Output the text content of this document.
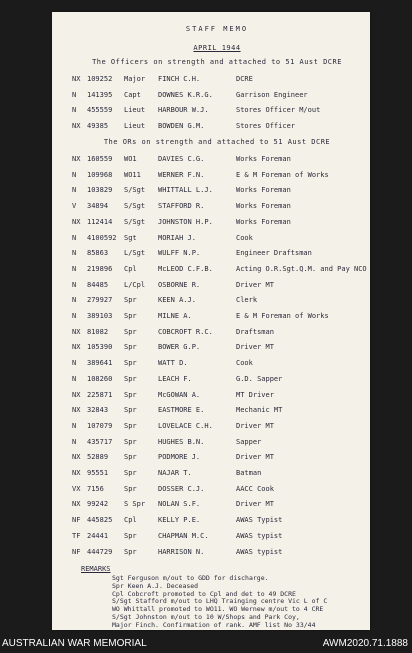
STAFF MEMO
APRIL 1944
The Officers on strength and attached to 51 Aust DCRE
NX 109252 Major FINCH C.H.	DCRE
N 141395 Capt DOWNES K.R.G.	Garrison Engineer
N 455559 Lieut HARBOUR W.J.	Stores Officer M/out
NX 49385 Lieut BOWDEN G.M.	Stores Officer
The ORs on strength and attached to 51 Aust DCRE
NX 160559 WO1	DAVIES C.G.	Works Foreman
N 109968 WO11 WERNER F.N.	E & M Foreman of Works
N 103829 S/Sgt WHITTALL L.J.	Works Foreman
V 34894 S/Sgt STAFFORD R.	Works Foreman
NX 112414 S/Sgt JOHNSTON H.P.	Works Foreman
N 4100592 Sgt	MORIAH J.	Cook
N 85863 L/Sgt WULFF N.P.	Engineer Draftsman
N 219896 Cpl	McLEOD C.F.B.	Acting O.R.Sgt.Q.M. and Pay NCO
N 84485 L/Cpl OSBORNE R.	Driver MT
N 279927 Spr	KEEN A.J.	Clerk
N 389103 Spr	MILNE A.	E & M Foreman of Works
NX 81082 Spr	COBCROFT R.C.	Draftsman
NX 105390 Spr	BOWER G.P.	Driver MT
N 389641 Spr	WATT D.	Cook
N 108260 Spr	LEACH F.	G.D. Sapper
NX 225871 Spr	McGOWAN A.	MT Driver
NX 32843 Spr	EASTMORE E.	Mechanic MT
N 107079 Spr	LOVELACE C.H.	Driver MT
N 435717 Spr	HUGHES B.N.	Sapper
NX 52889 Spr	PODMORE J.	Driver MT
NX 95551 Spr	NAJAR T.	Batman
VX 7156	Spr	DOSSER C.J.	AACC Cook
NX 99242 S Spr NOLAN S.F.	Driver MT
NF 445825 Cpl	KELLY P.E.	AWAS Typist
TF 24441 Spr	CHAPMAN M.C.	AWAS typist
NF 444729 Spr	HARRISON N.	AWAS typist
REMARKS
Sgt Ferguson m/out to GDD for discharge.
Spr Keen A.J. Deceased
Cpl Cobcroft promoted to Cpl and det to 49 DCRE
S/Sgt Stafford m/out to LHQ Trainging centre Vic L of C
WO Whittall promoted to WO11. WO Wernew m/out to 4 CRE
S/Sgt Johnston m/out to 10 W/Shops and Park Coy,
Major Finch. Confirmation of rank. AMF list No 33/44
AUSTRALIAN WAR MEMORIAL	AWM2020.71.1888
